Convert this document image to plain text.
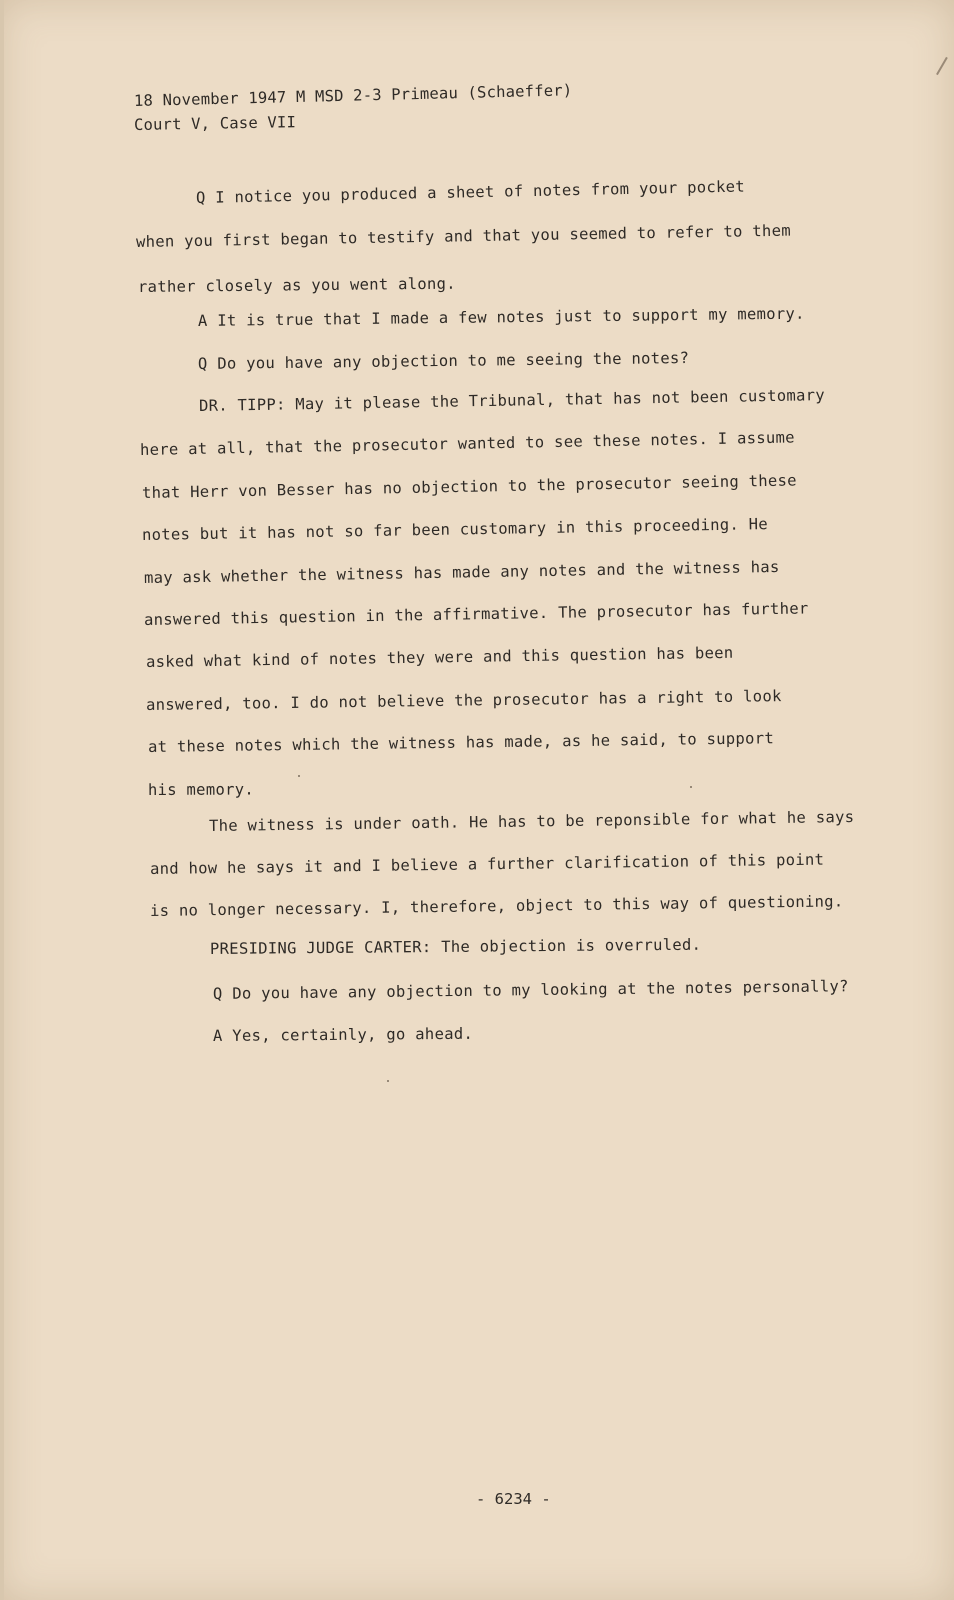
18 November 1947 M MSD 2-3 Primeau (Schaeffer)
Court V, Case VII
Q I notice you produced a sheet of notes from your pocket
when you first began to testify and that you seemed to refer to them
rather closely as you went along.
A It is true that I made a few notes just to support my memory.
Q Do you have any objection to me seeing the notes?
DR. TIPP: May it please the Tribunal, that has not been customary
here at all, that the prosecutor wanted to see these notes. I assume
that Herr von Besser has no objection to the prosecutor seeing these
notes but it has not so far been customary in this proceeding. He
may ask whether the witness has made any notes and the witness has
answered this question in the affirmative. The prosecutor has further
asked what kind of notes they were and this question has been
answered, too. I do not believe the prosecutor has a right to look
at these notes which the witness has made, as he said, to support
his memory.
The witness is under oath. He has to be reponsible for what he says
and how he says it and I believe a further clarification of this point
is no longer necessary. I, therefore, object to this way of questioning.
PRESIDING JUDGE CARTER: The objection is overruled.
Q Do you have any objection to my looking at the notes personally?
A Yes, certainly, go ahead.
- 6234 -
